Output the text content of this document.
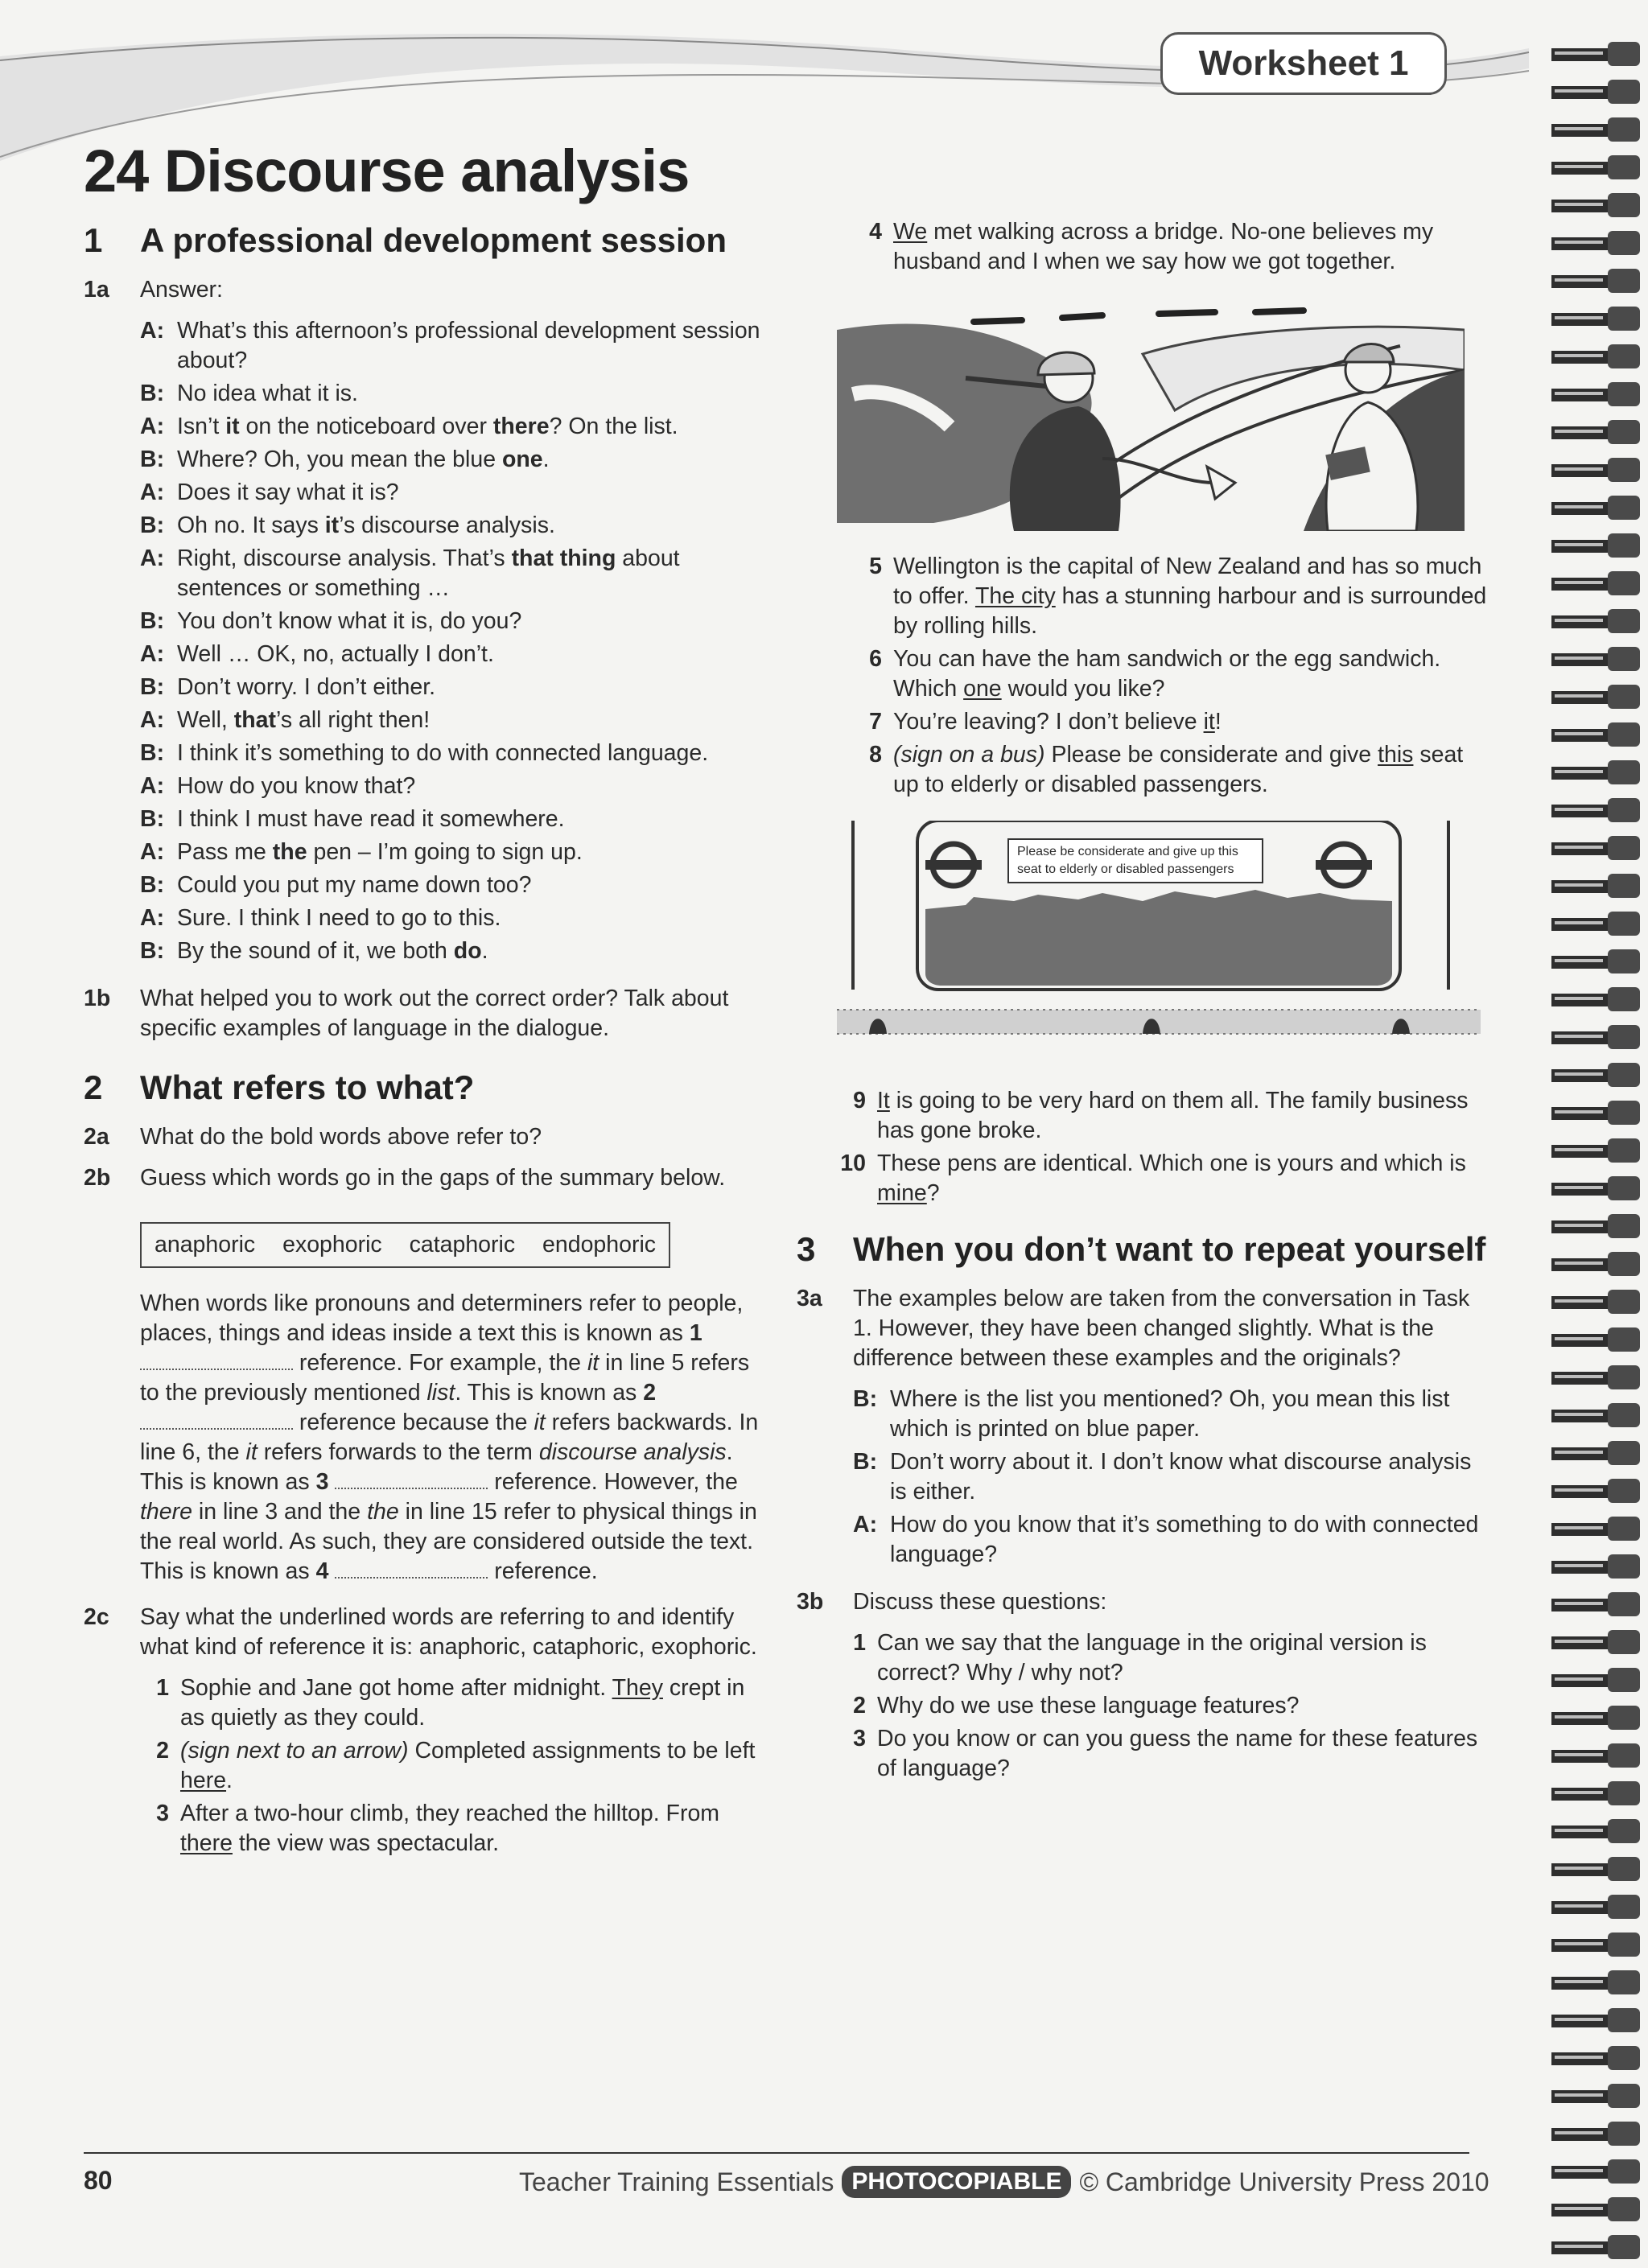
Worksheet 1
24 Discourse analysis
1	A professional development session
1a	Answer:
A: What’s this afternoon’s professional development session about?
B: No idea what it is.
A: Isn’t it on the noticeboard over there? On the list.
B: Where? Oh, you mean the blue one.
A: Does it say what it is?
B: Oh no. It says it’s discourse analysis.
A: Right, discourse analysis. That’s that thing about sentences or something …
B: You don’t know what it is, do you?
A: Well … OK, no, actually I don’t.
B: Don’t worry. I don’t either.
A: Well, that’s all right then!
B: I think it’s something to do with connected language.
A: How do you know that?
B: I think I must have read it somewhere.
A: Pass me the pen – I’m going to sign up.
B: Could you put my name down too?
A: Sure. I think I need to go to this.
B: By the sound of it, we both do.
1b	What helped you to work out the correct order? Talk about specific examples of language in the dialogue.
2	What refers to what?
2a	What do the bold words above refer to?
2b	Guess which words go in the gaps of the summary below.
anaphoric exophoric cataphoric endophoric
When words like pronouns and determiners refer to people, places, things and ideas inside a text this is known as 1  reference. For example, the it in line 5 refers to the previously mentioned list. This is known as 2  reference because the it refers backwards. In line 6, the it refers forwards to the term discourse analysis. This is known as 3	reference. However, the there in line 3 and the the in line 15 refer to physical things in the real world. As such, they are considered outside the text. This is known as 4	reference.
2c	Say what the underlined words are referring to and identify what kind of reference it is: anaphoric, cataphoric, exophoric.
1 Sophie and Jane got home after midnight. They crept in as quietly as they could.
2 (sign next to an arrow) Completed assignments to be left here.
3 After a two-hour climb, they reached the hilltop. From there the view was spectacular.
4 We met walking across a bridge. No-one believes my husband and I when we say how we got together.
5 Wellington is the capital of New Zealand and has so much to offer. The city has a stunning harbour and is surrounded by rolling hills.
6 You can have the ham sandwich or the egg sandwich. Which one would you like?
7 You’re leaving? I don’t believe it!
8 (sign on a bus) Please be considerate and give this seat up to elderly or disabled passengers.
Please be considerate and give up this
seat to elderly or disabled passengers
9 It is going to be very hard on them all. The family business has gone broke.
10 These pens are identical. Which one is yours and which is mine?
3	When you don’t want to repeat yourself
3a	The examples below are taken from the conversation in Task 1. However, they have been changed slightly. What is the difference between these examples and the originals?
B: Where is the list you mentioned? Oh, you mean this list which is printed on blue paper.
B: Don’t worry about it. I don’t know what discourse analysis is either.
A: How do you know that it’s something to do with connected language?
3b	Discuss these questions:
1 Can we say that the language in the original version is correct? Why / why not?
2 Why do we use these language features?
3 Do you know or can you guess the name for these features of language?
80	Teacher Training Essentials PHOTOCOPIABLE © Cambridge University Press 2010
